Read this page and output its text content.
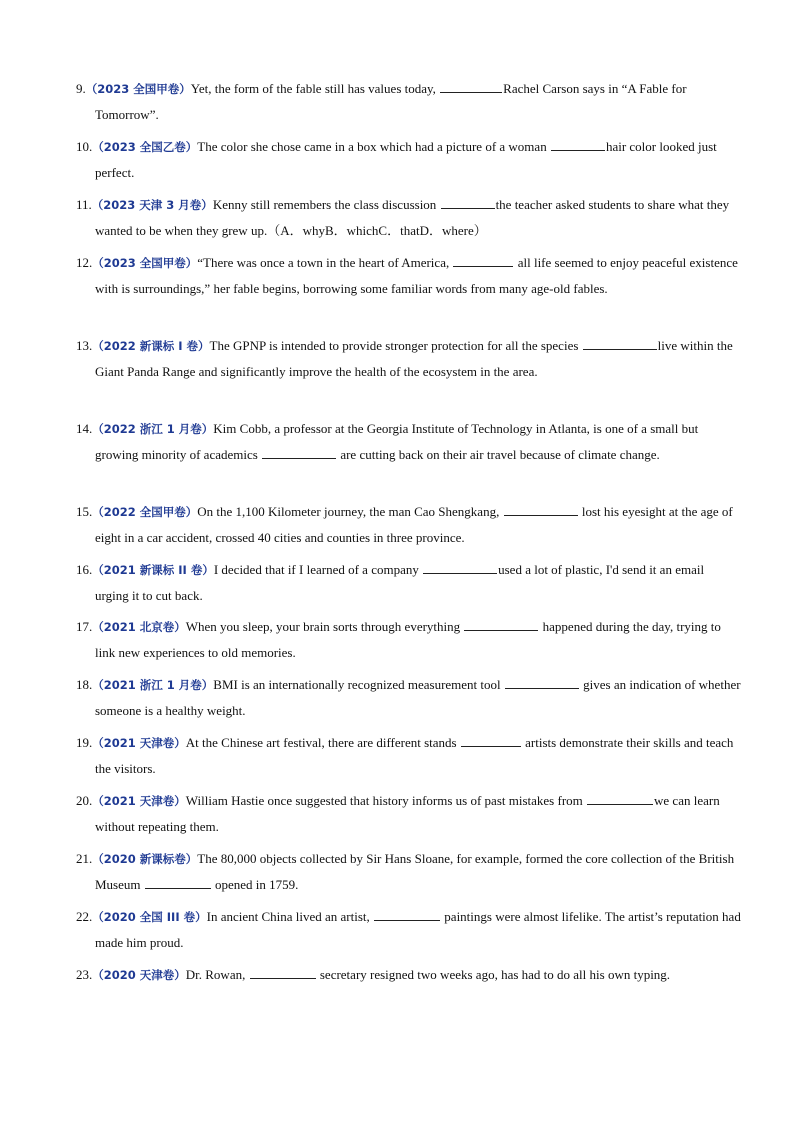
9.（2023 全国甲卷）Yet, the form of the fable still has values today,	Rachel Carson says in “A Fable for Tomorrow”.
10.（2023 全国乙卷）The color she chose came in a box which had a picture of a woman	hair color looked just perfect.
11.（2023 天津 3 月卷）Kenny still remembers the class discussion	the teacher asked students to share what they wanted to be when they grew up.（A．whyB．whichC．thatD．where）
12.（2023 全国甲卷）“There was once a town in the heart of America,	all life seemed to enjoy peaceful existence with is surroundings,” her fable begins, borrowing some familiar words from many age-old fables.
13.（2022 新课标 I 卷）The GPNP is intended to provide stronger protection for all the species	live within the Giant Panda Range and significantly improve the health of the ecosystem in the area.
14.（2022 浙江 1 月卷）Kim Cobb, a professor at the Georgia Institute of Technology in Atlanta, is one of a small but growing minority of academics	are cutting back on their air travel because of climate change.
15.（2022 全国甲卷）On the 1,100 Kilometer journey, the man Cao Shengkang,	lost his eyesight at the age of eight in a car accident, crossed 40 cities and counties in three province.
16.（2021 新课标 II 卷）I decided that if I learned of a company	used a lot of plastic, I'd send it an email urging it to cut back.
17.（2021 北京卷）When you sleep, your brain sorts through everything	happened during the day, trying to link new experiences to old memories.
18.（2021 浙江 1 月卷）BMI is an internationally recognized measurement tool	gives an indication of whether someone is a healthy weight.
19.（2021 天津卷）At the Chinese art festival, there are different stands	artists demonstrate their skills and teach the visitors.
20.（2021 天津卷）William Hastie once suggested that history informs us of past mistakes from	we can learn without repeating them.
21.（2020 新课标卷）The 80,000 objects collected by Sir Hans Sloane, for example, formed the core collection of the British Museum	opened in 1759.
22.（2020 全国 III 卷）In ancient China lived an artist,	paintings were almost lifelike. The artist’s reputation had made him proud.
23.（2020 天津卷）Dr. Rowan,	secretary resigned two weeks ago, has had to do all his own typing.
